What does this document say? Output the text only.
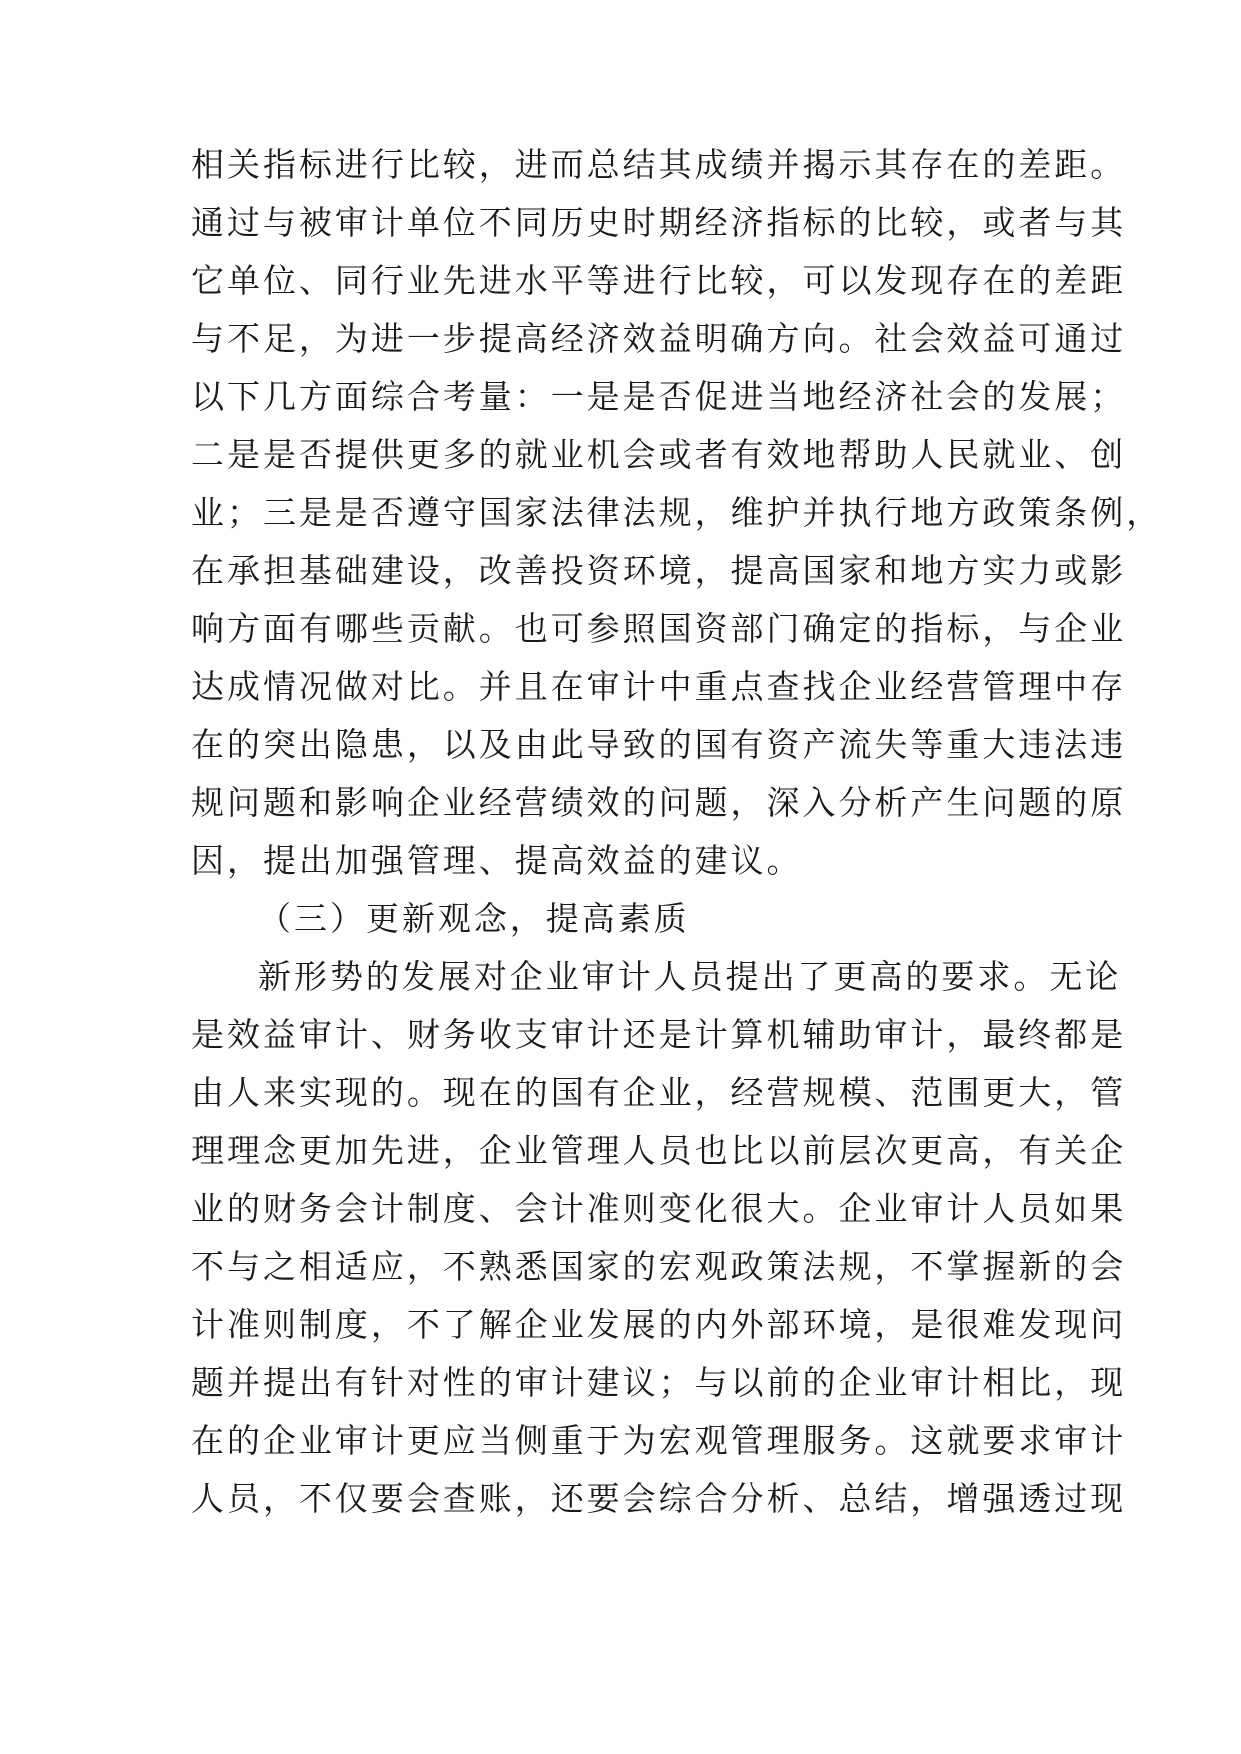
相关指标进行比较，进而总结其成绩并揭示其存在的差距。
通过与被审计单位不同历史时期经济指标的比较，或者与其
它单位、同行业先进水平等进行比较，可以发现存在的差距
与不足，为进一步提高经济效益明确方向。社会效益可通过
以下几方面综合考量：一是是否促进当地经济社会的发展；
二是是否提供更多的就业机会或者有效地帮助人民就业、创
业；三是是否遵守国家法律法规，维护并执行地方政策条例，
在承担基础建设，改善投资环境，提高国家和地方实力或影
响方面有哪些贡献。也可参照国资部门确定的指标，与企业
达成情况做对比。并且在审计中重点查找企业经营管理中存
在的突出隐患，以及由此导致的国有资产流失等重大违法违
规问题和影响企业经营绩效的问题，深入分析产生问题的原
因，提出加强管理、提高效益的建议。
（三）更新观念，提高素质
新形势的发展对企业审计人员提出了更高的要求。无论
是效益审计、财务收支审计还是计算机辅助审计，最终都是
由人来实现的。现在的国有企业，经营规模、范围更大，管
理理念更加先进，企业管理人员也比以前层次更高，有关企
业的财务会计制度、会计准则变化很大。企业审计人员如果
不与之相适应，不熟悉国家的宏观政策法规，不掌握新的会
计准则制度，不了解企业发展的内外部环境，是很难发现问
题并提出有针对性的审计建议；与以前的企业审计相比，现
在的企业审计更应当侧重于为宏观管理服务。这就要求审计
人员，不仅要会查账，还要会综合分析、总结，增强透过现
